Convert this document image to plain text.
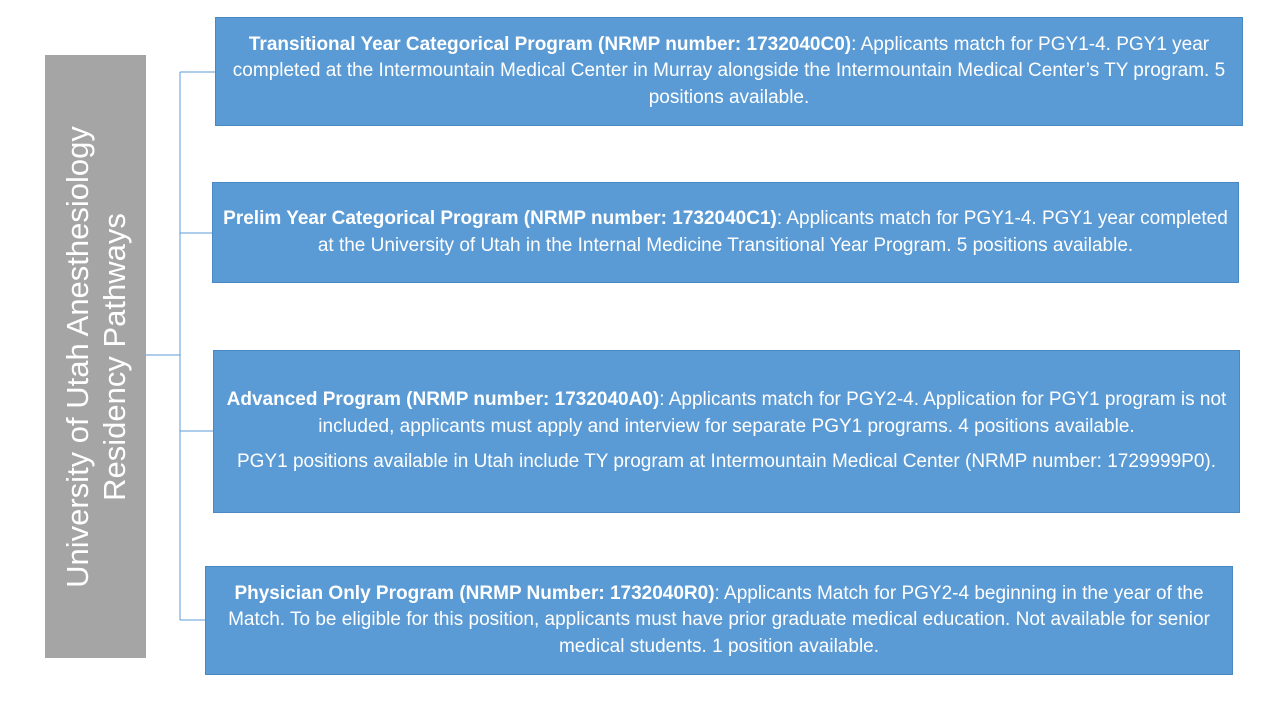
University of Utah Anesthesiology Residency Pathways

Transitional Year Categorical Program (NRMP number: 1732040C0): Applicants match for PGY1-4. PGY1 year completed at the Intermountain Medical Center in Murray alongside the Intermountain Medical Center’s TY program. 5 positions available.

Prelim Year Categorical Program (NRMP number: 1732040C1): Applicants match for PGY1-4. PGY1 year completed at the University of Utah in the Internal Medicine Transitional Year Program. 5 positions available.

Advanced Program (NRMP number: 1732040A0): Applicants match for PGY2-4. Application for PGY1 program is not included, applicants must apply and interview for separate PGY1 programs. 4 positions available.

PGY1 positions available in Utah include TY program at Intermountain Medical Center (NRMP number: 1729999P0).

Physician Only Program (NRMP Number: 1732040R0): Applicants Match for PGY2-4 beginning in the year of the Match. To be eligible for this position, applicants must have prior graduate medical education. Not available for senior medical students. 1 position available.
